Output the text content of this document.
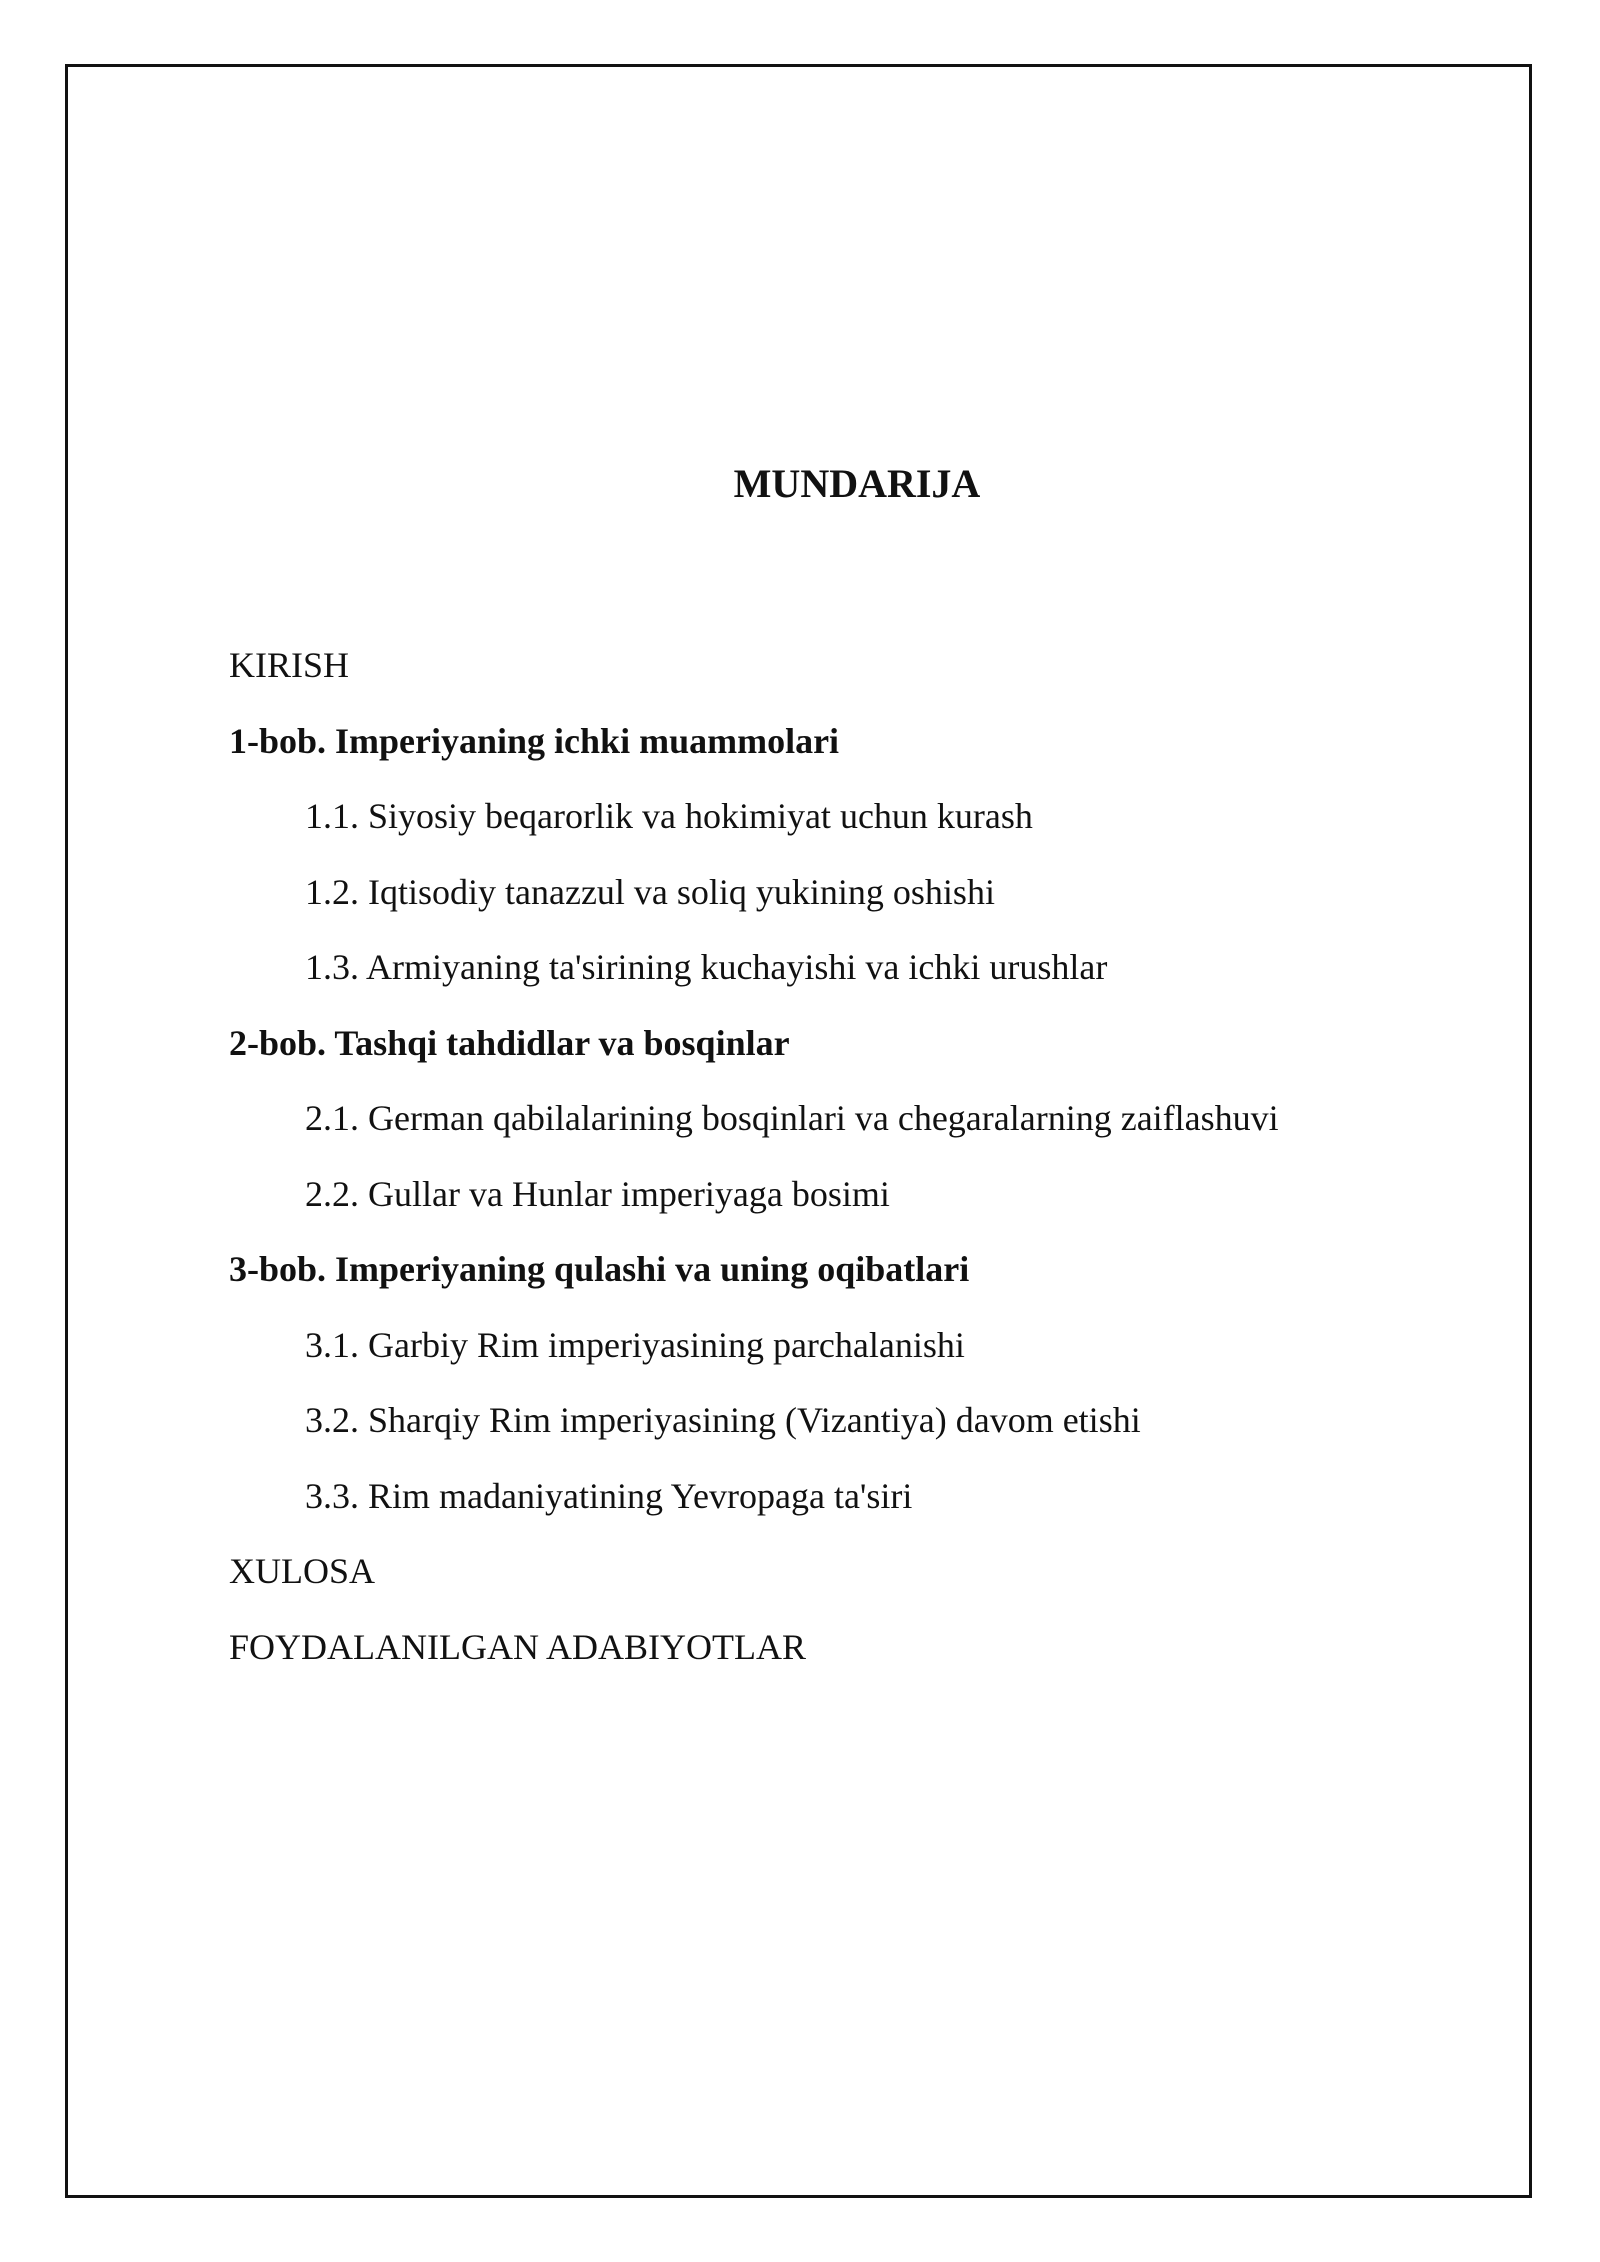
MUNDARIJA
KIRISH
1-bob. Imperiyaning ichki muammolari
1.1. Siyosiy beqarorlik va hokimiyat uchun kurash
1.2. Iqtisodiy tanazzul va soliq yukining oshishi
1.3. Armiyaning ta'sirining kuchayishi va ichki urushlar
2-bob. Tashqi tahdidlar va bosqinlar
2.1. German qabilalarining bosqinlari va chegaralarning zaiflashuvi
2.2. Gullar va Hunlar imperiyaga bosimi
3-bob. Imperiyaning qulashi va uning oqibatlari
3.1. Garbiy Rim imperiyasining parchalanishi
3.2. Sharqiy Rim imperiyasining (Vizantiya) davom etishi
3.3. Rim madaniyatining Yevropaga ta'siri
XULOSA
FOYDALANILGAN ADABIYOTLAR
